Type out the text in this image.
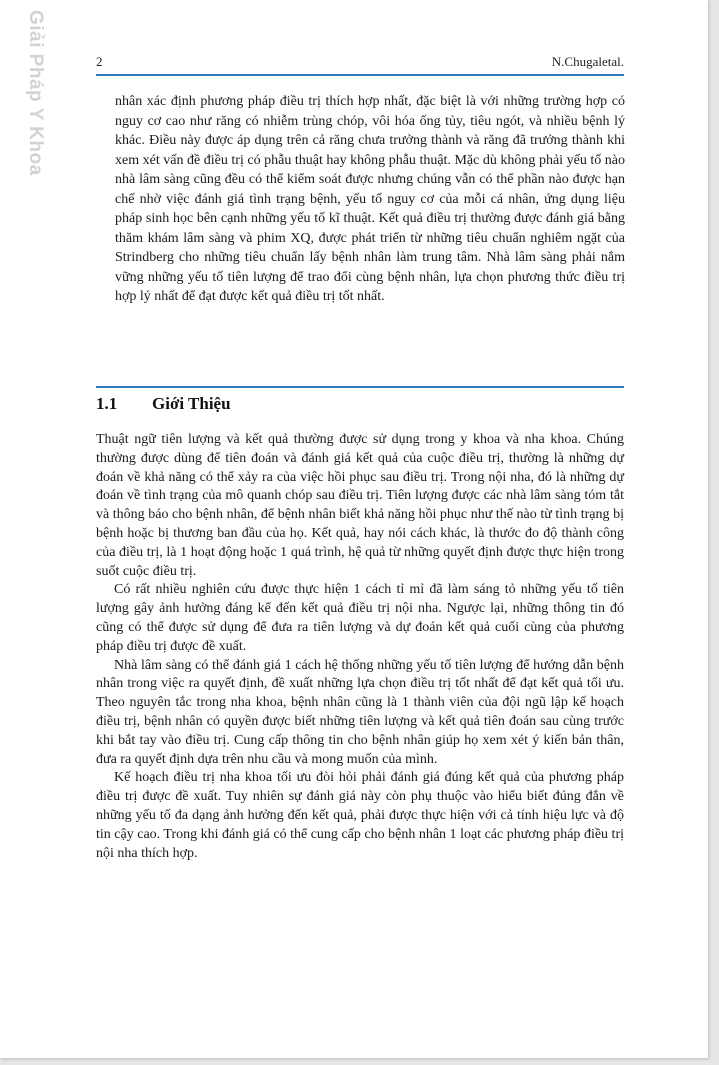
Giải Pháp Y Khoa	2	N.Chugaletal.

nhân xác định phương pháp điều trị thích hợp nhất, đặc biệt là với những trường hợp có nguy cơ cao như răng có nhiễm trùng chóp, vôi hóa ống tủy, tiêu ngót, và nhiều bệnh lý khác. Điều này được áp dụng trên cả răng chưa trưởng thành và răng đã trưởng thành khi xem xét vấn đề điều trị có phẫu thuật hay không phẫu thuật. Mặc dù không phải yếu tố nào nhà lâm sàng cũng đều có thể kiểm soát được nhưng chúng vẫn có thể phần nào được hạn chế nhờ việc đánh giá tình trạng bệnh, yếu tố nguy cơ của mỗi cá nhân, ứng dụng liệu pháp sinh học bên cạnh những yếu tố kĩ thuật. Kết quả điều trị thường được đánh giá bằng thăm khám lâm sàng và phim XQ, được phát triển từ những tiêu chuẩn nghiêm ngặt của Strindberg cho những tiêu chuẩn lấy bệnh nhân làm trung tâm. Nhà lâm sàng phải nắm vững những yếu tố tiên lượng để trao đổi cùng bệnh nhân, lựa chọn phương thức điều trị hợp lý nhất để đạt được kết quả điều trị tốt nhất.

1.1 Giới Thiệu

Thuật ngữ tiên lượng và kết quả thường được sử dụng trong y khoa và nha khoa. Chúng thường được dùng để tiên đoán và đánh giá kết quả của cuộc điều trị, thường là những dự đoán về khả năng có thể xảy ra của việc hồi phục sau điều trị. Trong nội nha, đó là những dự đoán về tình trạng của mô quanh chóp sau điều trị. Tiên lượng được các nhà lâm sàng tóm tắt và thông báo cho bệnh nhân, để bệnh nhân biết khả năng hồi phục như thế nào từ tình trạng bị bệnh hoặc bị thương ban đầu của họ. Kết quả, hay nói cách khác, là thước đo độ thành công của điều trị, là 1 hoạt động hoặc 1 quá trình, hệ quả từ những quyết định được thực hiện trong suốt cuộc điều trị.

Có rất nhiều nghiên cứu được thực hiện 1 cách tỉ mỉ đã làm sáng tỏ những yếu tố tiên lượng gây ảnh hưởng đáng kể đến kết quả điều trị nội nha. Ngược lại, những thông tin đó cũng có thể được sử dụng để đưa ra tiên lượng và dự đoán kết quả cuối cùng của phương pháp điều trị được đề xuất.

Nhà lâm sàng có thể đánh giá 1 cách hệ thống những yếu tố tiên lượng để hướng dẫn bệnh nhân trong việc ra quyết định, đề xuất những lựa chọn điều trị tốt nhất để đạt kết quả tối ưu. Theo nguyên tắc trong nha khoa, bệnh nhân cũng là 1 thành viên của đội ngũ lập kế hoạch điều trị, bệnh nhân có quyền được biết những tiên lượng và kết quả tiên đoán sau cùng trước khi bắt tay vào điều trị. Cung cấp thông tin cho bệnh nhân giúp họ xem xét ý kiến bản thân, đưa ra quyết định dựa trên nhu cầu và mong muốn của mình.

Kế hoạch điều trị nha khoa tối ưu đòi hỏi phải đánh giá đúng kết quả của phương pháp điều trị được đề xuất. Tuy nhiên sự đánh giá này còn phụ thuộc vào hiểu biết đúng đắn về những yếu tố đa dạng ảnh hưởng đến kết quả, phải được thực hiện với cả tính hiệu lực và độ tin cậy cao. Trong khi đánh giá có thể cung cấp cho bệnh nhân 1 loạt các phương pháp điều trị nội nha thích hợp.
